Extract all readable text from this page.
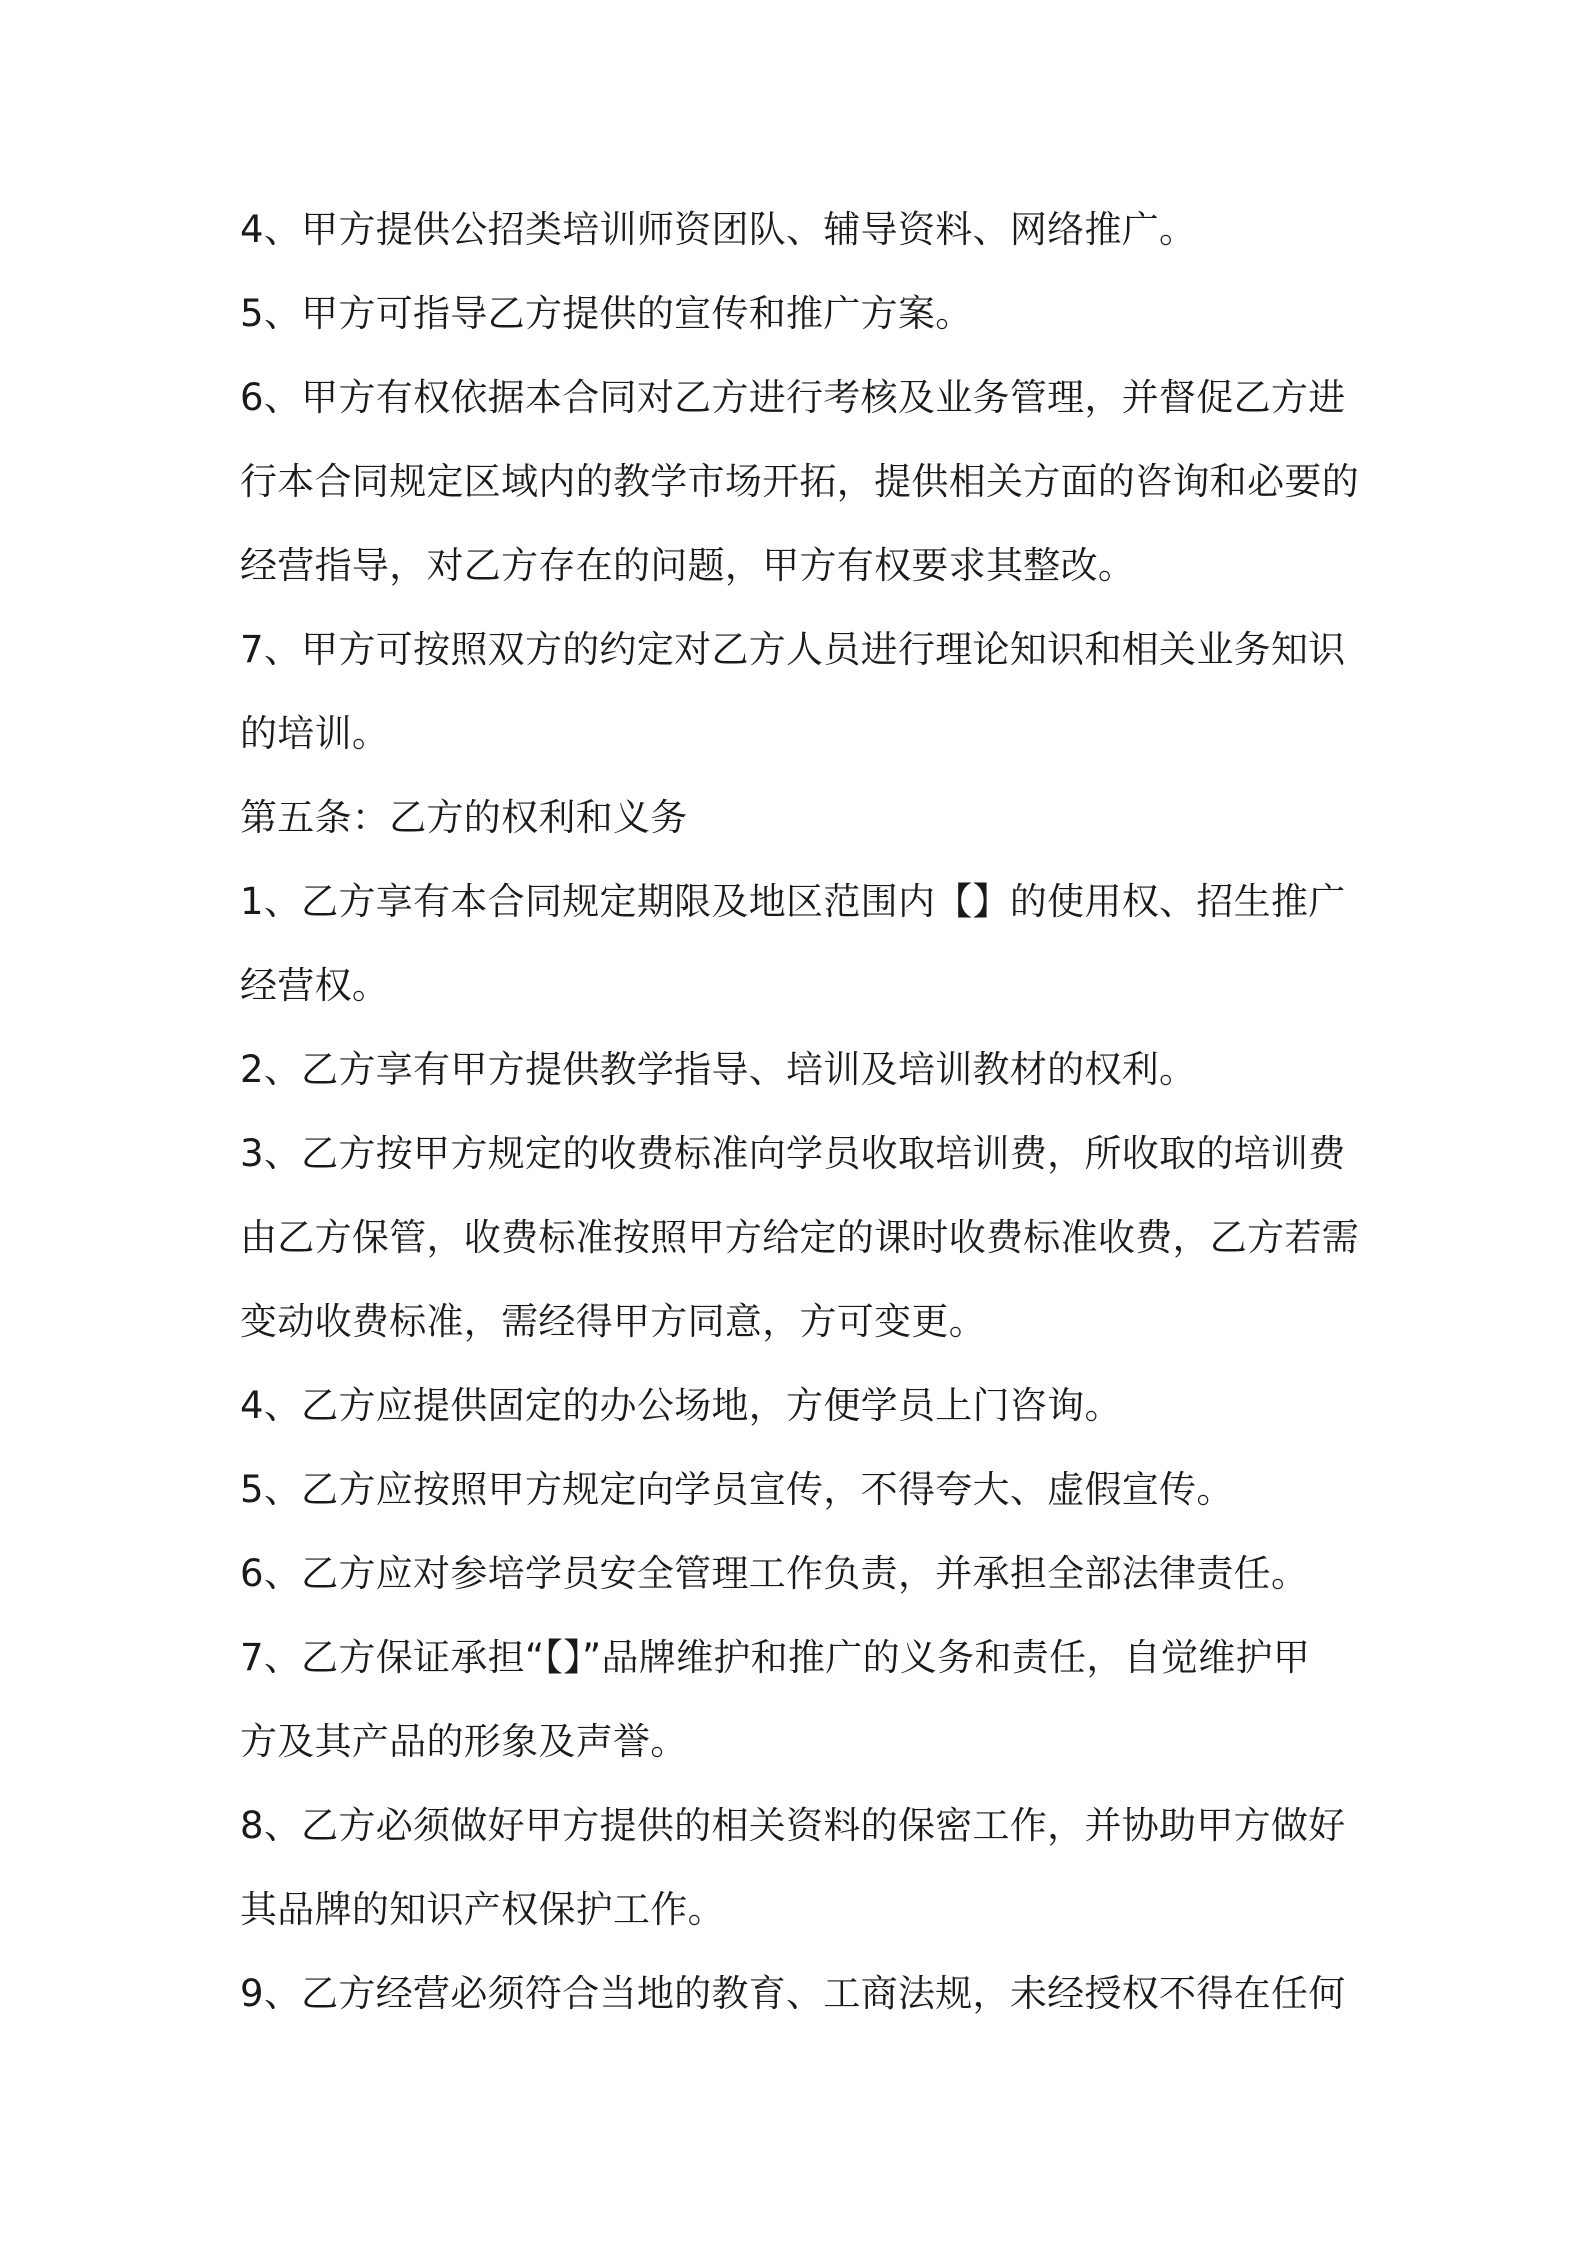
4、甲方提供公招类培训师资团队、辅导资料、网络推广。
5、甲方可指导乙方提供的宣传和推广方案。
6、甲方有权依据本合同对乙方进行考核及业务管理，并督促乙方进
行本合同规定区域内的教学市场开拓，提供相关方面的咨询和必要的
经营指导，对乙方存在的问题，甲方有权要求其整改。
7、甲方可按照双方的约定对乙方人员进行理论知识和相关业务知识
的培训。
第五条：乙方的权利和义务
1、乙方享有本合同规定期限及地区范围内【】的使用权、招生推广
经营权。
2、乙方享有甲方提供教学指导、培训及培训教材的权利。
3、乙方按甲方规定的收费标准向学员收取培训费，所收取的培训费
由乙方保管，收费标准按照甲方给定的课时收费标准收费，乙方若需
变动收费标准，需经得甲方同意，方可变更。
4、乙方应提供固定的办公场地，方便学员上门咨询。
5、乙方应按照甲方规定向学员宣传，不得夸大、虚假宣传。
6、乙方应对参培学员安全管理工作负责，并承担全部法律责任。
7、乙方保证承担“【】”品牌维护和推广的义务和责任，自觉维护甲
方及其产品的形象及声誉。
8、乙方必须做好甲方提供的相关资料的保密工作，并协助甲方做好
其品牌的知识产权保护工作。
9、乙方经营必须符合当地的教育、工商法规，未经授权不得在任何
